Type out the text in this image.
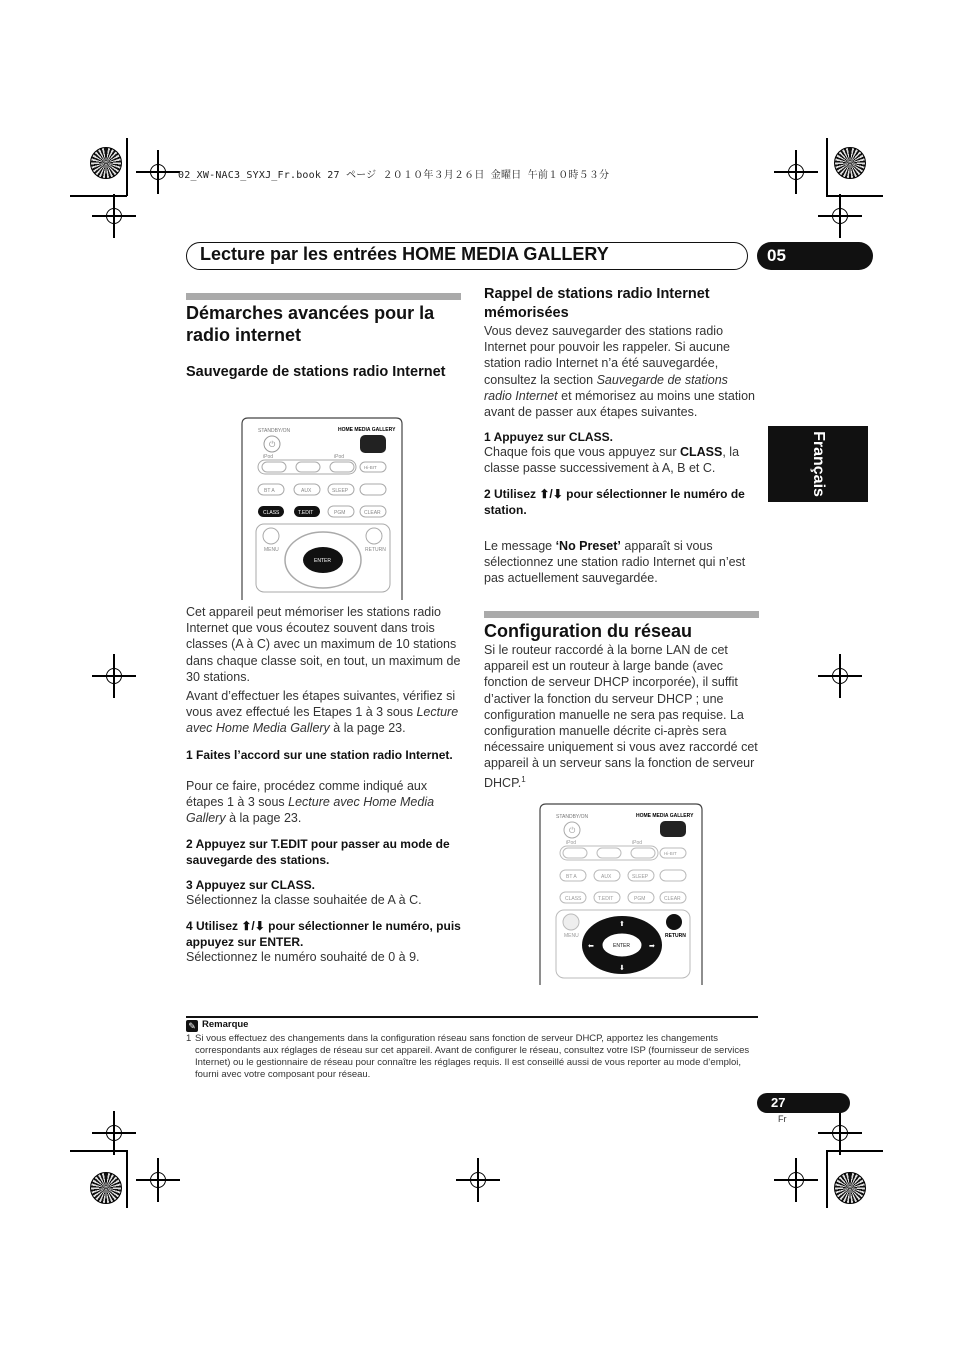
02_XW-NAC3_SYXJ_Fr.book 27 ページ ２０１０年３月２６日 金曜日 午前１０時５３分
Lecture par les entrées HOME MEDIA GALLERY	05
Français
Démarches avancées pour la radio internet
Sauvegarde de stations radio Internet
STANDBY/ON	HOME MEDIA GALLERY
⏻
iPod	iPod
Hi-BIT
BT A	AUX	SLEEP
CLASS	T.EDIT	PGM	CLEAR
MENU	RETURN
ENTER
Cet appareil peut mémoriser les stations radio Internet que vous écoutez souvent dans trois classes (A à C) avec un maximum de 10 stations dans chaque classe soit, en tout, un maximum de 30 stations.
Avant d’effectuer les étapes suivantes, vérifiez si vous avez effectué les Etapes 1 à 3 sous Lecture avec Home Media Gallery à la page 23.
1 Faites l’accord sur une station radio Internet.
Pour ce faire, procédez comme indiqué aux étapes 1 à 3 sous Lecture avec Home Media Gallery à la page 23.
2 Appuyez sur T.EDIT pour passer au mode de sauvegarde des stations.
3 Appuyez sur CLASS.
Sélectionnez la classe souhaitée de A à C.
4 Utilisez ⬆/⬇ pour sélectionner le numéro, puis appuyez sur ENTER.
Sélectionnez le numéro souhaité de 0 à 9.
Rappel de stations radio Internet mémorisées
Vous devez sauvegarder des stations radio Internet pour pouvoir les rappeler. Si aucune station radio Internet n’a été sauvegardée, consultez la section Sauvegarde de stations radio Internet et mémorisez au moins une station avant de passer aux étapes suivantes.
1 Appuyez sur CLASS.
Chaque fois que vous appuyez sur CLASS, la classe passe successivement à A, B et C.
2 Utilisez ⬆/⬇ pour sélectionner le numéro de station.
Le message ‘No Preset’ apparaît si vous sélectionnez une station radio Internet qui n’est pas actuellement sauvegardée.
Configuration du réseau
Si le routeur raccordé à la borne LAN de cet appareil est un routeur à large bande (avec fonction de serveur DHCP incorporée), il suffit d’activer la fonction du serveur DHCP ; une configuration manuelle ne sera pas requise. La configuration manuelle décrite ci-après sera nécessaire uniquement si vous avez raccordé cet appareil à un serveur sans la fonction de serveur DHCP.$^1$
STANDBY/ON	HOME MEDIA GALLERY
⏻
iPod	iPod
Hi-BIT
BT A	AUX	SLEEP
CLASS	T.EDIT	PGM	CLEAR
MENU	RETURN
ENTER
⬆
⬇
⬅	➡
✎ Remarque
1 Si vous effectuez des changements dans la configuration réseau sans fonction de serveur DHCP, apportez les changements correspondants aux réglages de réseau sur cet appareil. Avant de configurer le réseau, consultez votre ISP (fournisseur de services Internet) ou le gestionnaire de réseau pour connaître les réglages requis. Il est conseillé aussi de vous reporter au mode d’emploi, fourni avec votre composant pour réseau.
27
Fr
